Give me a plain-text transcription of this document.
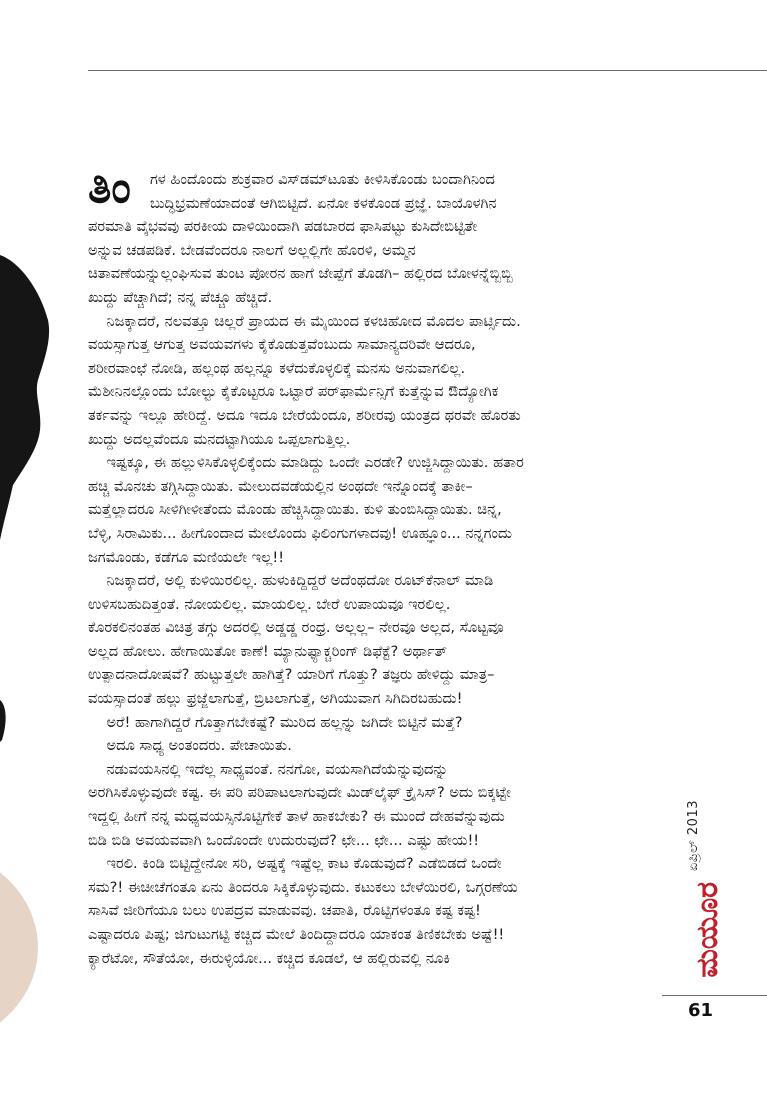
ತಿಂ	ಗಳ ಹಿಂದೊಂದು ಶುಕ್ರವಾರ ವಿಸ್‌ಡಮ್‌ಟೂತು ಕೀಳಿಸಿಕೊಂಡು ಬಂದಾಗಿನಿಂದ
ಬುದ್ಧಿಭ್ರಮಣೆಯಾದಂತೆ ಆಗಿಬಿಟ್ಟಿದೆ. ಏನೋ ಕಳಕೊಂಡ ಪ್ರಜ್ಞೆ. ಬಾಯೊಳಗಿನ
ಪರಮಾತಿ ವೈಭವವು ಪರಕೀಯ ದಾಳಿಯಿಂದಾಗಿ ಪಡಬಾರದ ಫಾಸಿಪಟ್ಟು ಕುಸಿದೇಬಿಟ್ಟಿತೇ
ಅನ್ನುವ ಚಡಪಡಿಕೆ. ಬೇಡವೆಂದರೂ ನಾಲಗೆ ಅಲ್ಲಲ್ಲಿಗೇ ಹೊರಳಿ, ಅಮ್ಮನ
ಚಿತಾವಣೆಯನ್ನುಲ್ಲಂಘಿಸುವ ತುಂಟ ಪೋರನ ಹಾಗೆ ಜೇಪ್ಪೆಗೆ ತೊಡಗಿ– ಹಲ್ಲಿರದ ಬೋಳನ್ನೆಬ್ಬಿಬ್ಬಿ
ಖುದ್ದು ಪೆಚ್ಚಾಗಿದೆ; ನನ್ನ ಪೆಚ್ಚೂ ಹೆಚ್ಚಿದೆ.
ನಿಜಕ್ಕಾದರೆ, ನಲವತ್ತೂ ಚಿಲ್ಲರೆ ಪ್ರಾಯದ ಈ ಮೈಯಿಂದ ಕಳಚಿಹೋದ ಮೊದಲ ಪಾರ್ಟ್ಸಿದು.
ವಯಸ್ಸಾಗುತ್ತ ಆಗುತ್ತ ಅವಯವಗಳು ಕೈಕೊಡುತ್ತವೆಂಬುದು ಸಾಮಾನ್ಯದರಿವೇ ಆದರೂ,
ಶರೀರವಾಂಛೆ ನೋಡಿ, ಹಲ್ಲಂಥ ಹಲ್ಲನ್ನೂ ಕಳೆದುಕೊಳ್ಳಲಿಕ್ಕೆ ಮನಸು ಅನುವಾಗಲಿಲ್ಲ.
ಮೆಶೀನಿನಲ್ಲೊಂದು ಬೋಲ್ಟು ಕೈಕೊಟ್ಟರೂ ಒಟ್ಟಾರೆ ಪರ್‌ಫಾರ್ಮೆನ್ಸಿಗೆ ಕುತ್ತೆನ್ನುವ ಔದ್ಯೋಗಿಕ
ತರ್ಕವನ್ನು ಇಲ್ಲೂ ಹೇರಿದ್ದೆ. ಅದೂ ಇದೂ ಬೇರೆಯೆಂದೂ, ಶರೀರವು ಯಂತ್ರದ ಥರವೇ ಹೊರತು
ಖುದ್ದು ಅದಲ್ಲವೆಂದೂ ಮನದಟ್ಟಾಗಿಯೂ ಒಪ್ಪಲಾಗುತ್ತಿಲ್ಲ.
ಇಷ್ಟಕ್ಕೂ, ಈ ಹಲ್ಲುಳಿಸಿಕೊಳ್ಳಲಿಕ್ಕೆಂದು ಮಾಡಿದ್ದು ಒಂದೇ ಎರಡೇ? ಉಜ್ಜಿಸಿದ್ದಾಯಿತು. ಹತಾರ
ಹಚ್ಚಿ ಮೊನಚು ತಗ್ಗಿಸಿದ್ದಾಯಿತು. ಮೇಲುದವಡೆಯಲ್ಲಿನ ಅಂಥದೇ ಇನ್ನೊಂದಕ್ಕೆ ತಾಕೀ–
ಮತ್ತೆಲ್ಲಾದರೂ ಸೀಳಿಗೀಳೀತೆಂದು ಮೊಂಡು ಹೆಚ್ಚಿಸಿದ್ದಾಯಿತು. ಕುಳಿ ತುಂಬಿಸಿದ್ದಾಯಿತು. ಚಿನ್ನ,
ಬೆಳ್ಳಿ, ಸಿರಾಮಿಕು... ಹೀಗೊಂದಾದ ಮೇಲೊಂದು ಫಿಲಿಂಗುಗಳಾದವು! ಊಹ್ಞೂಂ... ನನ್ನಗಂದು
ಜಗಮೊಂಡು, ಕಡೆಗೂ ಮಣಿಯಲೇ ಇಲ್ಲ!!
ನಿಜಕ್ಕಾದರೆ, ಅಲ್ಲಿ ಕುಳಿಯಿರಲಿಲ್ಲ. ಹುಳುಕಿದ್ದಿದ್ದರೆ ಅದೆಂಥದೋ ರೂಟ್‌ಕೆನಾಲ್ ಮಾಡಿ
ಉಳಿಸಬಹುದಿತ್ತಂತೆ. ನೋಯಲಿಲ್ಲ. ಮಾಯಲಿಲ್ಲ. ಬೇರೆ ಉಪಾಯವೂ ಇರಲಿಲ್ಲ.
ಕೊರಕಲಿನಂತಹ ವಿಚಿತ್ರ ತಗ್ಗು ಅದರಲ್ಲಿ ಅಡ್ಡಡ್ಡ ರಂಧ್ರ. ಅಲ್ಲಲ್ಲ– ನೇರವೂ ಅಲ್ಲದ, ಸೊಟ್ಟವೂ
ಅಲ್ಲದ ಹೋಲು. ಹೇಗಾಯಿತೋ ಕಾಣೆ! ಮ್ಯಾನುಫ್ಯಾಕ್ಚರಿಂಗ್ ಡಿಫೆಕ್ಟೆ? ಅರ್ಥಾತ್
ಉತ್ಪಾದನಾದೋಷವೆ? ಹುಟ್ಟುತ್ತಲೇ ಹಾಗಿತ್ತೆ? ಯಾರಿಗೆ ಗೊತ್ತು? ತಜ್ಞರು ಹೇಳಿದ್ದು ಮಾತ್ರ–
ವಯಸ್ಸಾದಂತೆ ಹಲ್ಲು ಫ್ರಜ್ಜೆಲಾಗುತ್ತೆ, ಬ್ರಿಟಲಾಗುತ್ತೆ, ಅಗಿಯುವಾಗ ಸಿಗಿದಿರಬಹುದು!
ಅರೆ! ಹಾಗಾಗಿದ್ದರೆ ಗೊತ್ತಾಗಬೇಕಷ್ಟೆ? ಮುರಿದ ಹಲ್ಲನ್ನು ಜಗಿದೇ ಬಿಟ್ಟಿನೆ ಮತ್ತೆ?
ಅದೂ ಸಾಧ್ಯ ಅಂತಂದರು. ಪೇಚಾಯಿತು.
ನಡುವಯಸಿನಲ್ಲಿ ಇದೆಲ್ಲ ಸಾಧ್ಯವಂತೆ. ನನಗೋ, ವಯಸಾಗಿದೆಯೆನ್ನುವುದನ್ನು
ಅರಗಿಸಿಕೊಳ್ಳುವುದೇ ಕಷ್ಟ. ಈ ಪರಿ ಪರಿಪಾಟಲಾಗುವುದೇ ಮಿಡ್‌ಲೈಫ್ ಕ್ರೈಸಿಸ್? ಅದು ಬಿಕ್ಕಟ್ಟೇ
ಇದ್ದಲ್ಲಿ ಹೀಗೆ ನನ್ನ ಮಧ್ಯವಯಸ್ಸಿನೊಟ್ಟಿಗೇಕೆ ತಾಳೆ ಹಾಕಬೇಕು? ಈ ಮುಂದೆ ದೇಹವೆನ್ನುವುದು
ಬಿಡಿ ಬಿಡಿ ಅವಯವವಾಗಿ ಒಂದೊಂದೇ ಉದುರುವುದೆ? ಛೇ... ಛೇ... ಎಷ್ಟು ಹೇಯ!!
ಇರಲಿ. ಕಿಂಡಿ ಬಿಟ್ಟಿದ್ದೇನೋ ಸರಿ, ಅಷ್ಟಕ್ಕೆ ಇಷ್ಟೆಲ್ಲ ಕಾಟ ಕೊಡುವುದೆ? ಎಡೆಬಿಡದೆ ಒಂದೇ
ಸಮ?! ಈಚೀಚೆಗಂತೂ ಏನು ತಿಂದರೂ ಸಿಕ್ಕಿಕೊಳ್ಳುವುದು. ಕಟುಕಲು ಬೇಳೆಯಿರಲಿ, ಒಗ್ಗರಣೆಯ
ಸಾಸಿವೆ ಜೀರಿಗೆಯೂ ಬಲು ಉಪದ್ರವ ಮಾಡುವವು. ಚಪಾತಿ, ರೊಟ್ಟಿಗಳಂತೂ ಕಷ್ಟ ಕಷ್ಟ!
ಎಷ್ಟಾದರೂ ಪಿಷ್ಟ; ಜಿಗುಟುಗಟ್ಟಿ ಕಚ್ಚಿದ ಮೇಲೆ ತಿಂದಿದ್ದಾದರೂ ಯಾಕಂತ ತಿಣಿಕಬೇಕು ಅಷ್ಟೆ!!
ಕ್ಯಾರೆಟೋ, ಸೌತೆಯೋ, ಈರುಳ್ಳಿಯೋ... ಕಚ್ಚಿದ ಕೂಡಲೆ, ಆ ಹಲ್ಲಿರುವಲ್ಲಿ ನೂಕಿ
ಏಪ್ರಿಲ್ 2013
ಮಯೂರ
61
